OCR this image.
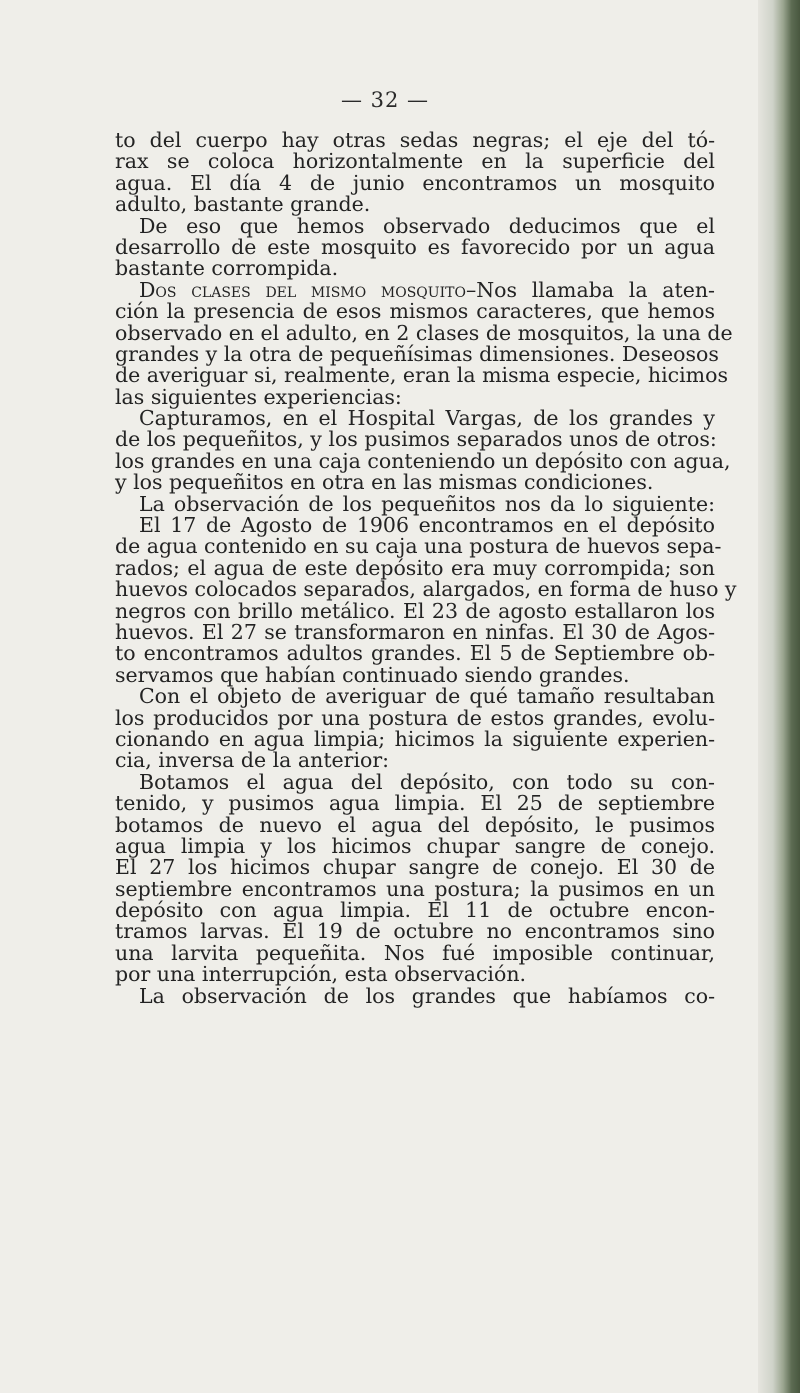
— 32 —

to del cuerpo hay otras sedas negras; el eje del tó-

rax se coloca horizontalmente en la superficie del

agua. El día 4 de junio encontramos un mosquito

adulto, bastante grande.

De eso que hemos observado deducimos que el

desarrollo de este mosquito es favorecido por un agua

bastante corrompida.

Dos clases del mismo mosquito–Nos llamaba la aten-

ción la presencia de esos mismos caracteres, que hemos

observado en el adulto, en 2 clases de mosquitos, la una de

grandes y la otra de pequeñísimas dimensiones. Deseosos

de averiguar si, realmente, eran la misma especie, hicimos

las siguientes experiencias:

Capturamos, en el Hospital Vargas, de los grandes y

de los pequeñitos, y los pusimos separados unos de otros:

los grandes en una caja conteniendo un depósito con agua,

y los pequeñitos en otra en las mismas condiciones.

La observación de los pequeñitos nos da lo siguiente:

El 17 de Agosto de 1906 encontramos en el depósito

de agua contenido en su caja una postura de huevos sepa-

rados; el agua de este depósito era muy corrompida; son

huevos colocados separados, alargados, en forma de huso y

negros con brillo metálico. El 23 de agosto estallaron los

huevos. El 27 se transformaron en ninfas. El 30 de Agos-

to encontramos adultos grandes. El 5 de Septiembre ob-

servamos que habían continuado siendo grandes.

Con el objeto de averiguar de qué tamaño resultaban

los producidos por una postura de estos grandes, evolu-

cionando en agua limpia; hicimos la siguiente experien-

cia, inversa de la anterior:

Botamos el agua del depósito, con todo su con-

tenido, y pusimos agua limpia. El 25 de septiembre

botamos de nuevo el agua del depósito, le pusimos

agua limpia y los hicimos chupar sangre de conejo.

El 27 los hicimos chupar sangre de conejo. El 30 de

septiembre encontramos una postura; la pusimos en un

depósito con agua limpia. El 11 de octubre encon-

tramos larvas. El 19 de octubre no encontramos sino

una larvita pequeñita. Nos fué imposible continuar,

por una interrupción, esta observación.

La observación de los grandes que habíamos co-
